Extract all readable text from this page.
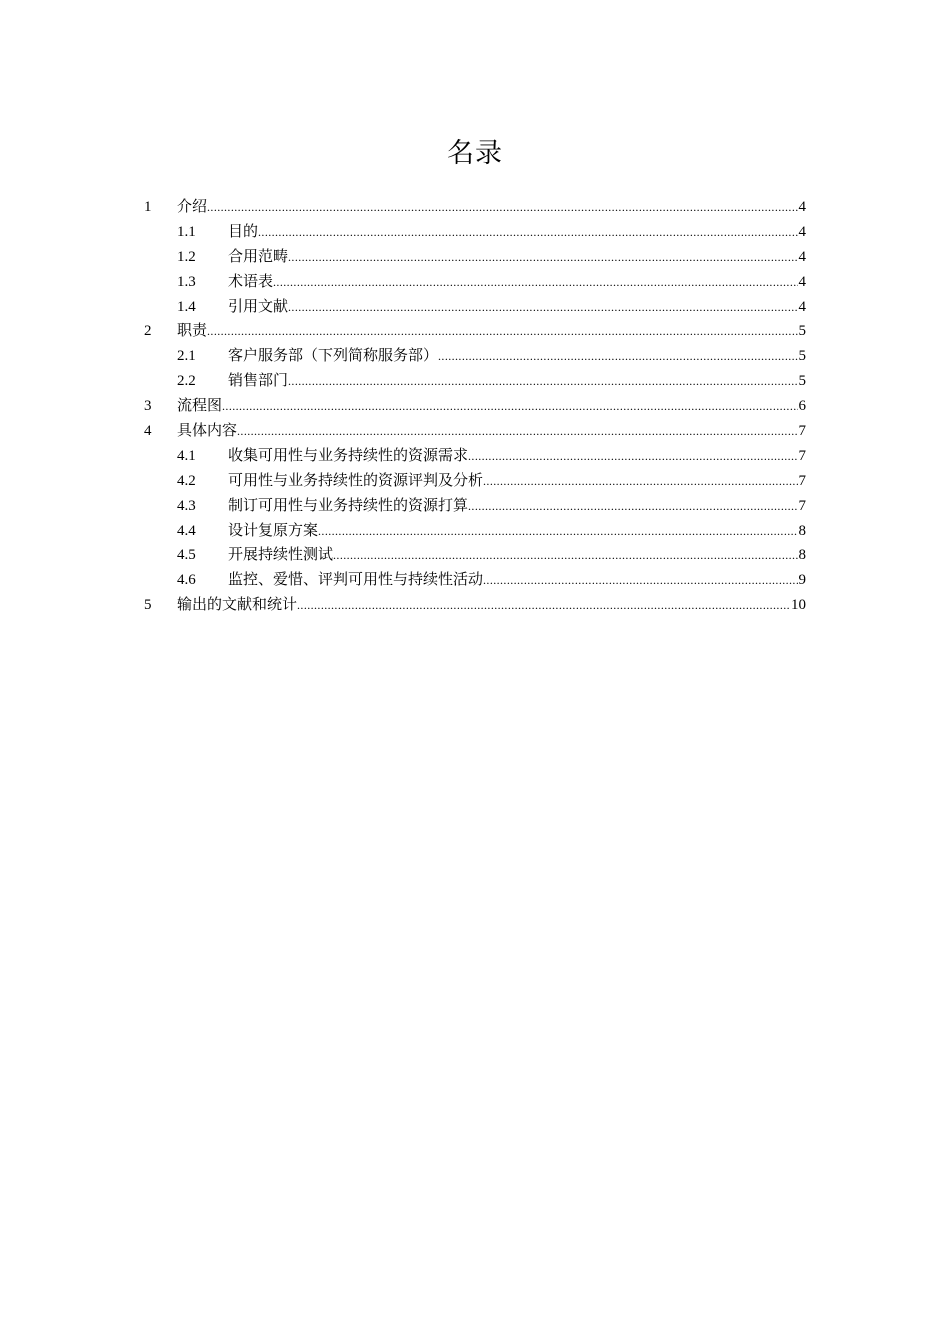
名录
1	介绍 .....	4
1.1	目的 .....	4
1.2	合用范畴 .....	4
1.3	术语表 .....	4
1.4	引用文献 .....	4
2	职责 .....	5
2.1	客户服务部（下列简称服务部） .....	5
2.2	销售部门 .....	5
3	流程图 .....	6
4	具体内容 .....	7
4.1	收集可用性与业务持续性的资源需求 .....	7
4.2	可用性与业务持续性的资源评判及分析 .....	7
4.3	制订可用性与业务持续性的资源打算 .....	7
4.4	设计复原方案 .....	8
4.5	开展持续性测试 .....	8
4.6	监控、爱惜、评判可用性与持续性活动 .....	9
5	输出的文献和统计 .....	10
